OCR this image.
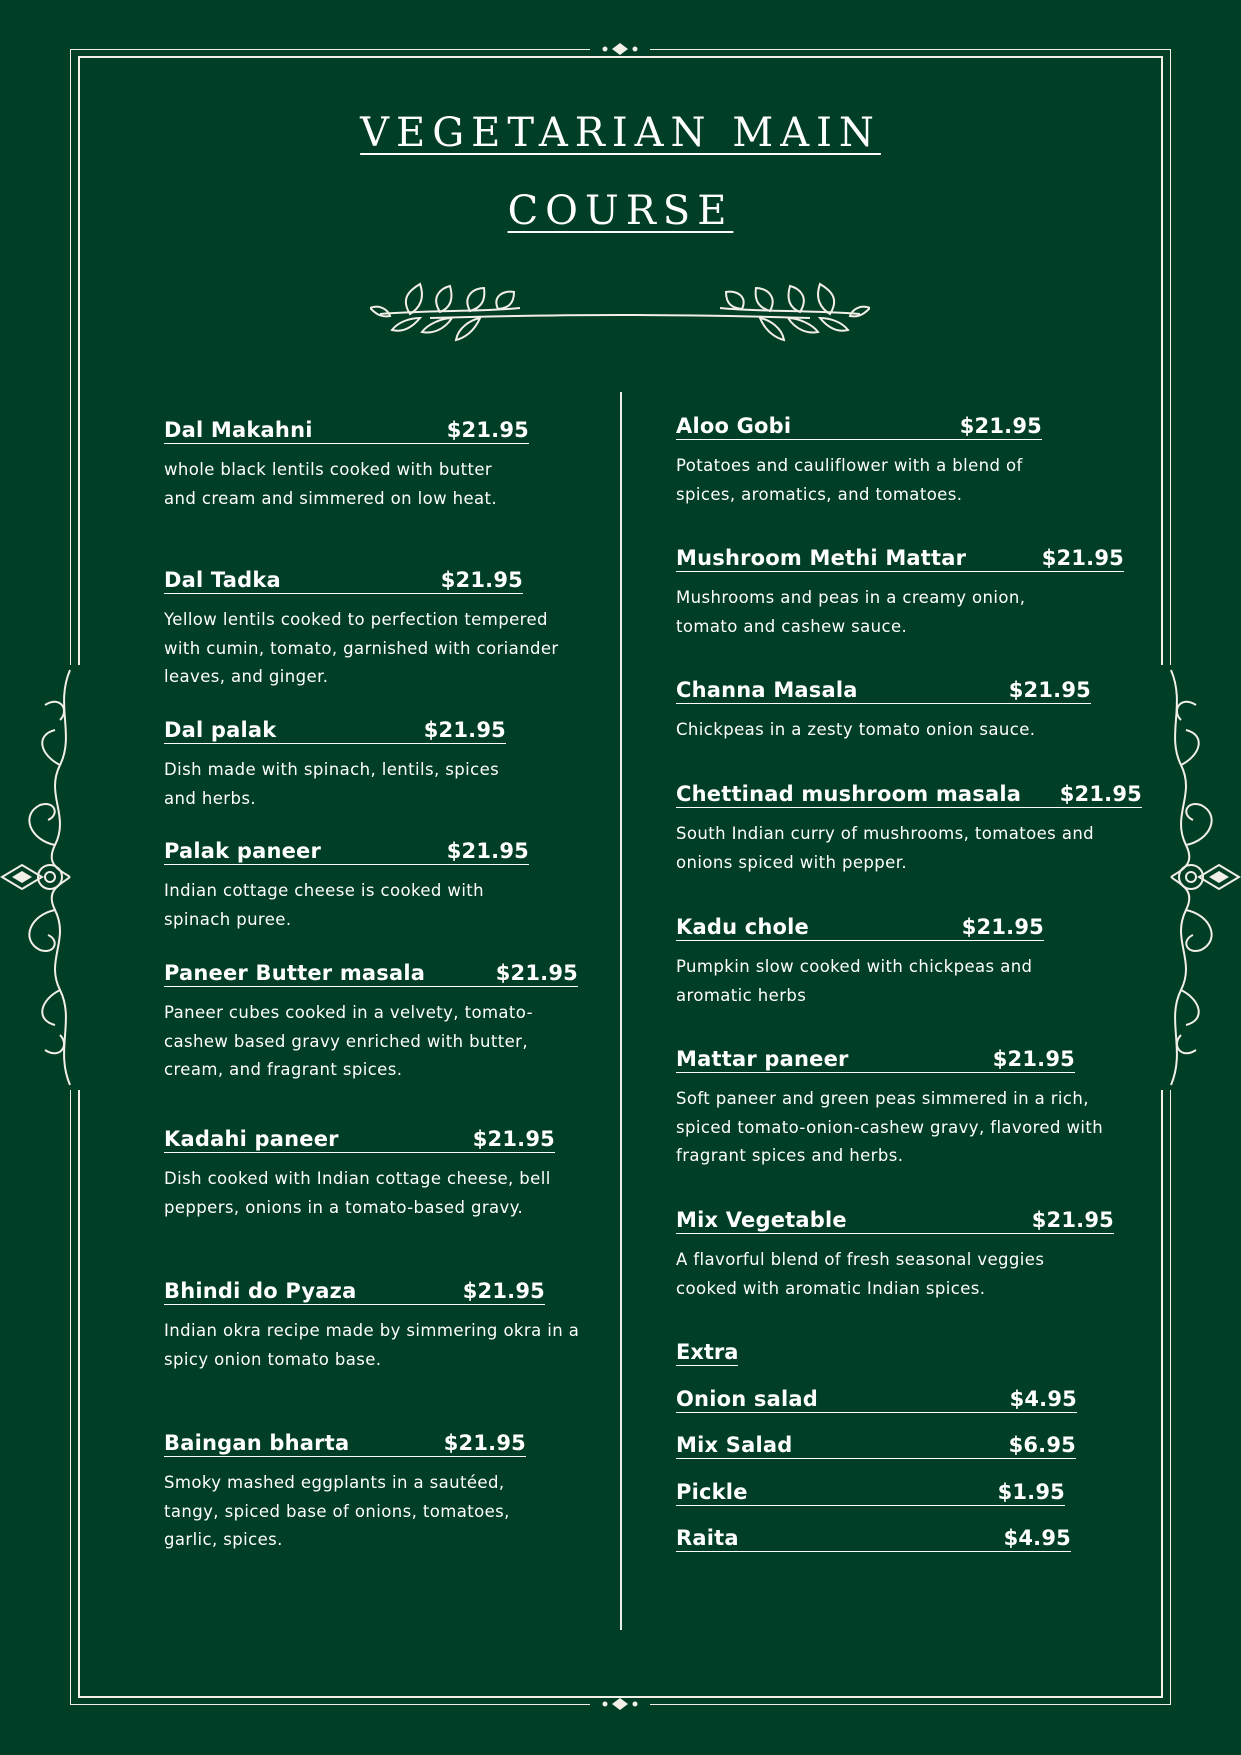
VEGETARIAN MAIN
COURSE
Dal Makahni	$21.95
whole black lentils cooked with butter and cream and simmered on low heat.
Dal Tadka	$21.95
Yellow lentils cooked to perfection tempered with cumin, tomato, garnished with coriander leaves, and ginger.
Dal palak	$21.95
Dish made with spinach, lentils, spices and herbs.
Palak paneer	$21.95
Indian cottage cheese is cooked with spinach puree.
Paneer Butter masala	$21.95
Paneer cubes cooked in a velvety, tomato-cashew based gravy enriched with butter, cream, and fragrant spices.
Kadahi paneer	$21.95
Dish cooked with Indian cottage cheese, bell peppers, onions in a tomato-based gravy.
Bhindi do Pyaza	$21.95
Indian okra recipe made by simmering okra in a spicy onion tomato base.
Baingan bharta	$21.95
Smoky mashed eggplants in a sautéed, tangy, spiced base of onions, tomatoes, garlic, spices.
Aloo Gobi	$21.95
Potatoes and cauliflower with a blend of spices, aromatics, and tomatoes.
Mushroom Methi Mattar	$21.95
Mushrooms and peas in a creamy onion, tomato and cashew sauce.
Channa Masala	$21.95
Chickpeas in a zesty tomato onion sauce.
Chettinad mushroom masala $21.95
South Indian curry of mushrooms, tomatoes and onions spiced with pepper.
Kadu chole	$21.95
Pumpkin slow cooked with chickpeas and aromatic herbs
Mattar paneer	$21.95
Soft paneer and green peas simmered in a rich, spiced tomato-onion-cashew gravy, flavored with fragrant spices and herbs.
Mix Vegetable	$21.95
A flavorful blend of fresh seasonal veggies cooked with aromatic Indian spices.
Extra
Onion salad	$4.95
Mix Salad	$6.95
Pickle	$1.95
Raita	$4.95
